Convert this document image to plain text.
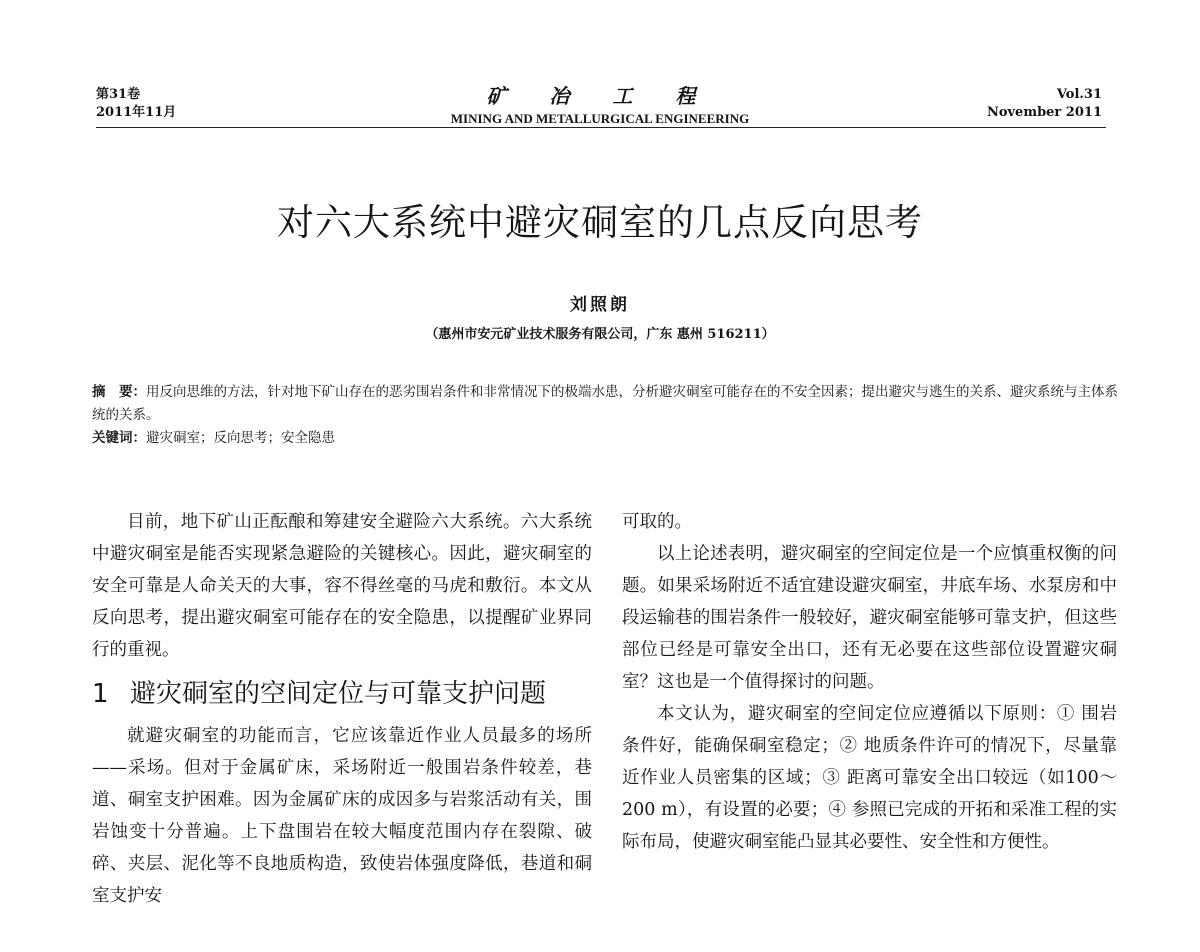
第31卷
2011年11月
矿 冶 工 程
MINING AND METALLURGICAL ENGINEERING
Vol.31
November 2011
对六大系统中避灾硐室的几点反向思考
刘照朗
（惠州市安元矿业技术服务有限公司，广东 惠州 516211）
摘　要：用反向思维的方法，针对地下矿山存在的恶劣围岩条件和非常情况下的极端水患，分析避灾硐室可能存在的不安全因素；提出避灾与逃生的关系、避灾系统与主体系统的关系。
关键词：避灾硐室；反向思考；安全隐患

目前，地下矿山正酝酿和筹建安全避险六大系统。六大系统中避灾硐室是能否实现紧急避险的关键核心。因此，避灾硐室的安全可靠是人命关天的大事，容不得丝毫的马虎和敷衍。本文从反向思考，提出避灾硐室可能存在的安全隐患，以提醒矿业界同行的重视。

1 避灾硐室的空间定位与可靠支护问题

就避灾硐室的功能而言，它应该靠近作业人员最多的场所——采场。但对于金属矿床，采场附近一般围岩条件较差，巷道、硐室支护困难。因为金属矿床的成因多与岩浆活动有关，围岩蚀变十分普遍。上下盘围岩在较大幅度范围内存在裂隙、破碎、夹层、泥化等不良地质构造，致使岩体强度降低，巷道和硐室支护安

可取的。

以上论述表明，避灾硐室的空间定位是一个应慎重权衡的问题。如果采场附近不适宜建设避灾硐室，井底车场、水泵房和中段运输巷的围岩条件一般较好，避灾硐室能够可靠支护，但这些部位已经是可靠安全出口，还有无必要在这些部位设置避灾硐室？这也是一个值得探讨的问题。

本文认为，避灾硐室的空间定位应遵循以下原则：① 围岩条件好，能确保硐室稳定；② 地质条件许可的情况下，尽量靠近作业人员密集的区域；③ 距离可靠安全出口较远（如100～200 m），有设置的必要；④ 参照已完成的开拓和采准工程的实际布局，使避灾硐室能凸显其必要性、安全性和方便性。
